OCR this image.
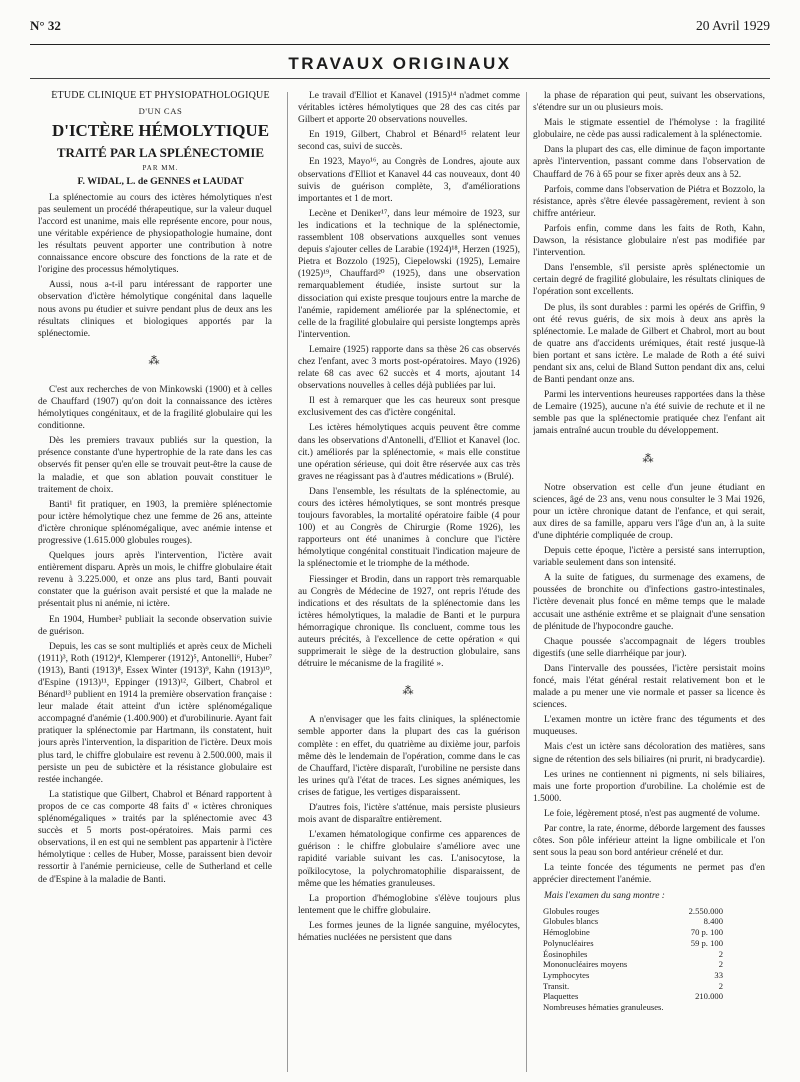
N° 32	20 Avril 1929
TRAVAUX ORIGINAUX

ÉTUDE CLINIQUE ET PHYSIOPATHOLOGIQUE

D'UN CAS

D'ICTÈRE HÉMOLYTIQUE

TRAITÉ PAR LA SPLÉNECTOMIE

PAR MM.

F. WIDAL, L. de GENNES et LAUDAT

La splénectomie au cours des ictères hémolytiques n'est pas seulement un procédé thérapeutique, sur la valeur duquel l'accord est unanime, mais elle représente encore, pour nous, une véritable expérience de physiopathologie humaine, dont les résultats peuvent apporter une contribution à notre connaissance encore obscure des fonctions de la rate et de l'origine des processus hémolytiques.

Aussi, nous a-t-il paru intéressant de rapporter une observation d'ictère hémolytique congénital dans laquelle nous avons pu étudier et suivre pendant plus de deux ans les résultats cliniques et biologiques apportés par la splénectomie.

⁂

C'est aux recherches de von Minkowski (1900) et à celles de Chauffard (1907) qu'on doit la connaissance des ictères hémolytiques congénitaux, et de la fragilité globulaire qui les conditionne.

Dès les premiers travaux publiés sur la question, la présence constante d'une hypertrophie de la rate dans les cas observés fit penser qu'en elle se trouvait peut-être la cause de la maladie, et que son ablation pouvait constituer le traitement de choix.

Banti¹ fit pratiquer, en 1903, la première splénectomie pour ictère hémolytique chez une femme de 26 ans, atteinte d'ictère chronique splénomégalique, avec anémie intense et progressive (1.615.000 globules rouges).

Quelques jours après l'intervention, l'ictère avait entièrement disparu. Après un mois, le chiffre globulaire était revenu à 3.225.000, et onze ans plus tard, Banti pouvait constater que la guérison avait persisté et que la malade ne présentait plus ni anémie, ni ictère.

En 1904, Humber² publiait la seconde observation suivie de guérison.

Depuis, les cas se sont multipliés et après ceux de Micheli (1911)³, Roth (1912)⁴, Klemperer (1912)⁵, Antonelli⁶, Huber⁷ (1913), Banti (1913)⁸, Essex Winter (1913)⁹, Kahn (1913)¹⁰, d'Espine (1913)¹¹, Eppinger (1913)¹², Gilbert, Chabrol et Bénard¹³ publient en 1914 la première observation française : leur malade était atteint d'un ictère splénomégalique accompagné d'anémie (1.400.900) et d'urobilinurie. Ayant fait pratiquer la splénectomie par Hartmann, ils constatent, huit jours après l'intervention, la disparition de l'ictère. Deux mois plus tard, le chiffre globulaire est revenu à 2.500.000, mais il persiste un peu de subictère et la résistance globulaire est restée inchangée.

La statistique que Gilbert, Chabrol et Bénard rapportent à propos de ce cas comporte 48 faits d' « ictères chroniques splénomégaliques » traités par la splénectomie avec 43 succès et 5 morts post-opératoires. Mais parmi ces observations, il en est qui ne semblent pas appartenir à l'ictère hémolytique : celles de Huber, Mosse, paraissent bien devoir ressortir à l'anémie pernicieuse, celle de Sutherland et celle de d'Espine à la maladie de Banti.

Le travail d'Elliot et Kanavel (1915)¹⁴ n'admet comme véritables ictères hémolytiques que 28 des cas cités par Gilbert et apporte 20 observations nouvelles.

En 1919, Gilbert, Chabrol et Bénard¹⁵ relatent leur second cas, suivi de succès.

En 1923, Mayo¹⁶, au Congrès de Londres, ajoute aux observations d'Elliot et Kanavel 44 cas nouveaux, dont 40 suivis de guérison complète, 3, d'améliorations importantes et 1 de mort.

Lecène et Deniker¹⁷, dans leur mémoire de 1923, sur les indications et la technique de la splénectomie, rassemblent 108 observations auxquelles sont venues depuis s'ajouter celles de Larabie (1924)¹⁸, Herzen (1925), Pietra et Bozzolo (1925), Ciepelowski (1925), Lemaire (1925)¹⁹, Chauffard²⁰ (1925), dans une observation remarquablement étudiée, insiste surtout sur la dissociation qui existe presque toujours entre la marche de l'anémie, rapidement améliorée par la splénectomie, et celle de la fragilité globulaire qui persiste longtemps après l'intervention.

Lemaire (1925) rapporte dans sa thèse 26 cas observés chez l'enfant, avec 3 morts post-opératoires. Mayo (1926) relate 68 cas avec 62 succès et 4 morts, ajoutant 14 observations nouvelles à celles déjà publiées par lui.

Il est à remarquer que les cas heureux sont presque exclusivement des cas d'ictère congénital.

Les ictères hémolytiques acquis peuvent être comme dans les observations d'Antonelli, d'Elliot et Kanavel (loc. cit.) améliorés par la splénectomie, « mais elle constitue une opération sérieuse, qui doit être réservée aux cas très graves ne réagissant pas à d'autres médications » (Brulé).

Dans l'ensemble, les résultats de la splénectomie, au cours des ictères hémolytiques, se sont montrés presque toujours favorables, la mortalité opératoire faible (4 pour 100) et au Congrès de Chirurgie (Rome 1926), les rapporteurs ont été unanimes à conclure que l'ictère hémolytique congénital constituait l'indication majeure de la splénectomie et le triomphe de la méthode.

Fiessinger et Brodin, dans un rapport très remarquable au Congrès de Médecine de 1927, ont repris l'étude des indications et des résultats de la splénectomie dans les ictères hémolytiques, la maladie de Banti et le purpura hémorragique chronique. Ils concluent, comme tous les auteurs précités, à l'excellence de cette opération « qui supprimerait le siège de la destruction globulaire, sans détruire le mécanisme de la fragilité ».

⁂

A n'envisager que les faits cliniques, la splénectomie semble apporter dans la plupart des cas la guérison complète : en effet, du quatrième au dixième jour, parfois même dès le lendemain de l'opération, comme dans le cas de Chauffard, l'ictère disparaît, l'urobiline ne persiste dans les urines qu'à l'état de traces. Les signes anémiques, les crises de fatigue, les vertiges disparaissent.

D'autres fois, l'ictère s'atténue, mais persiste plusieurs mois avant de disparaître entièrement.

L'examen hématologique confirme ces apparences de guérison : le chiffre globulaire s'améliore avec une rapidité variable suivant les cas. L'anisocytose, la poïkilocytose, la polychromatophilie disparaissent, de même que les hématies granuleuses.

La proportion d'hémoglobine s'élève toujours plus lentement que le chiffre globulaire.

Les formes jeunes de la lignée sanguine, myélocytes, hématies nucléées ne persistent que dans

la phase de réparation qui peut, suivant les observations, s'étendre sur un ou plusieurs mois.

Mais le stigmate essentiel de l'hémolyse : la fragilité globulaire, ne cède pas aussi radicalement à la splénectomie.

Dans la plupart des cas, elle diminue de façon importante après l'intervention, passant comme dans l'observation de Chauffard de 76 à 65 pour se fixer après deux ans à 52.

Parfois, comme dans l'observation de Piétra et Bozzolo, la résistance, après s'être élevée passagèrement, revient à son chiffre antérieur.

Parfois enfin, comme dans les faits de Roth, Kahn, Dawson, la résistance globulaire n'est pas modifiée par l'intervention.

Dans l'ensemble, s'il persiste après splénectomie un certain degré de fragilité globulaire, les résultats cliniques de l'opération sont excellents.

De plus, ils sont durables : parmi les opérés de Griffin, 9 ont été revus guéris, de six mois à deux ans après la splénectomie. Le malade de Gilbert et Chabrol, mort au bout de quatre ans d'accidents urémiques, était resté jusque-là bien portant et sans ictère. Le malade de Roth a été suivi pendant six ans, celui de Bland Sutton pendant dix ans, celui de Banti pendant onze ans.

Parmi les interventions heureuses rapportées dans la thèse de Lemaire (1925), aucune n'a été suivie de rechute et il ne semble pas que la splénectomie pratiquée chez l'enfant ait jamais entraîné aucun trouble du développement.

⁂

Notre observation est celle d'un jeune étudiant en sciences, âgé de 23 ans, venu nous consulter le 3 Mai 1926, pour un ictère chronique datant de l'enfance, et qui serait, aux dires de sa famille, apparu vers l'âge d'un an, à la suite d'une diphtérie compliquée de croup.

Depuis cette époque, l'ictère a persisté sans interruption, variable seulement dans son intensité.

A la suite de fatigues, du surmenage des examens, de poussées de bronchite ou d'infections gastro-intestinales, l'ictère devenait plus foncé en même temps que le malade accusait une asthénie extrême et se plaignait d'une sensation de plénitude de l'hypocondre gauche.

Chaque poussée s'accompagnait de légers troubles digestifs (une selle diarrhéique par jour).

Dans l'intervalle des poussées, l'ictère persistait moins foncé, mais l'état général restait relativement bon et le malade a pu mener une vie normale et passer sa licence ès sciences.

L'examen montre un ictère franc des téguments et des muqueuses.

Mais c'est un ictère sans décoloration des matières, sans signe de rétention des sels biliaires (ni prurit, ni bradycardie).

Les urines ne contiennent ni pigments, ni sels biliaires, mais une forte proportion d'urobiline. La cholémie est de 1.5000.

Le foie, légèrement ptosé, n'est pas augmenté de volume.

Par contre, la rate, énorme, déborde largement des fausses côtes. Son pôle inférieur atteint la ligne ombilicale et l'on sent sous la peau son bord antérieur crénelé et dur.

La teinte foncée des téguments ne permet pas d'en apprécier directement l'anémie.

Mais l'examen du sang montre :

Globules rouges	2.550.000
Globules blancs	8.400
Hémoglobine	70 p. 100
Polynucléaires	59 p. 100
Éosinophiles	2
Mononucléaires moyens	2
Lymphocytes	33
Transit.	2
Plaquettes	210.000
Nombreuses hématies granuleuses.	
